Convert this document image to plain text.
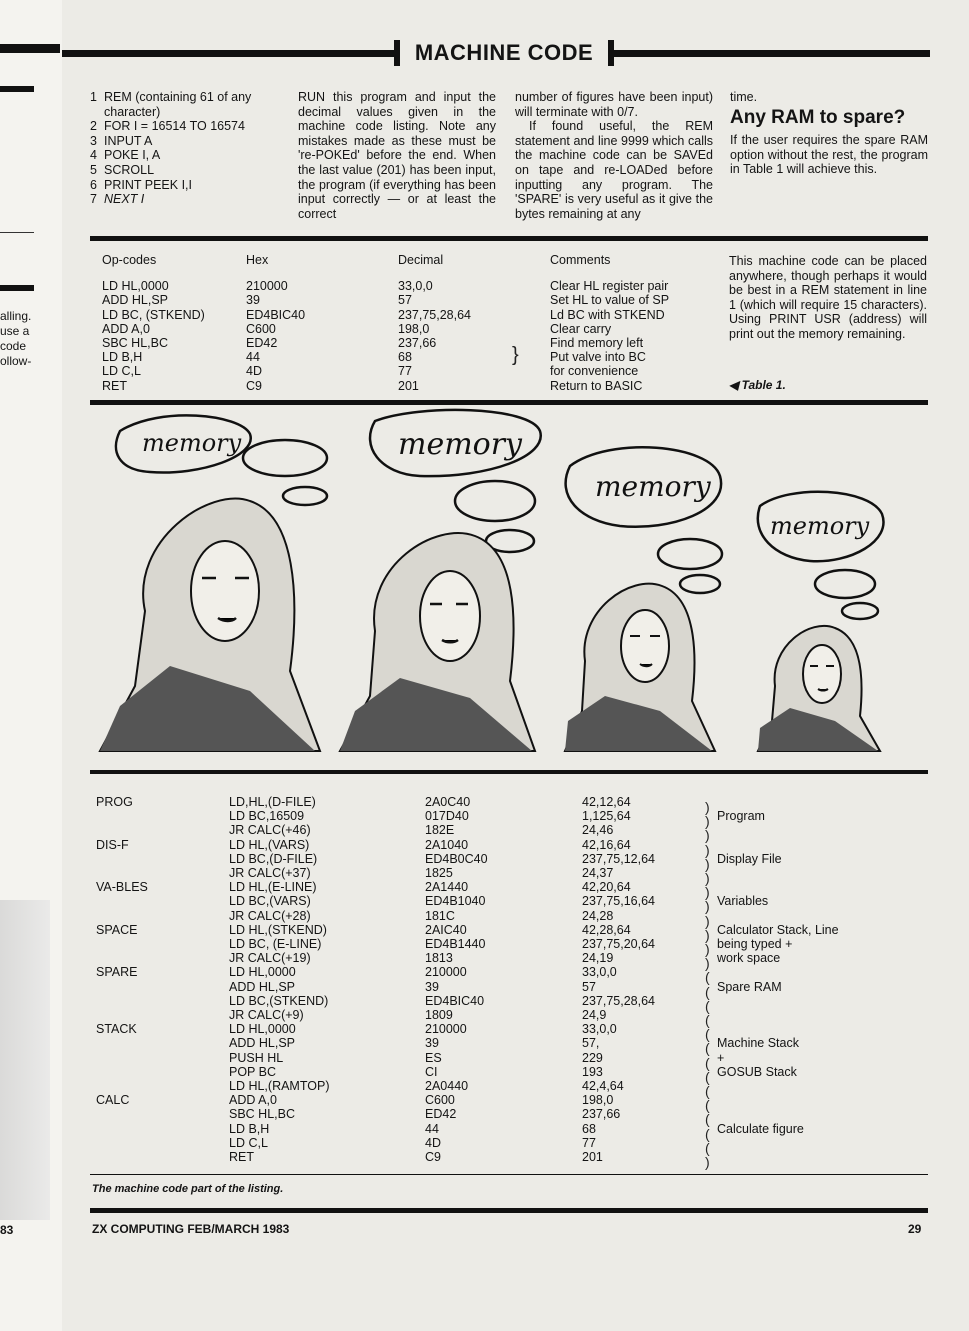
alling.
use a
code
ollow-
83
MACHINE CODE
1 REM (containing 61 of any character)
2 FOR I = 16514 TO 16574
3 INPUT A
4 POKE I, A
5 SCROLL
6 PRINT PEEK I,I
7 NEXT I

RUN this program and input the decimal values given in the machine code listing. Note any mistakes made as these must be 're-POKEd' before the end. When the last value (201) has been input, the program (if everything has been input correctly — or at least the correct

number of figures have been input) will terminate with 0/7.

If found useful, the REM statement and line 9999 which calls the machine code can be SAVEd on tape and re-LOADed before inputting any program. The 'SPARE' is very useful as it give the bytes remaining at any

time.

Any RAM to spare?

If the user requires the spare RAM option without the rest, the program in Table 1 will achieve this.

Op-codes	Hex	Decimal	Comments
LD HL,0000	210000	33,0,0	Clear HL register pair
ADD HL,SP	39	57	Set HL to value of SP
LD BC, (STKEND)	ED4BIC40	237,75,28,64	Ld BC with STKEND
ADD A,0	C600	198,0	Clear carry
SBC HL,BC	ED42	237,66	Find memory left
LD B,H	44	68	Put valve into BC
LD C,L	4D	77	for convenience
RET	C9	201	Return to BASIC
}

This machine code can be placed anywhere, though perhaps it would be best in a REM statement in line 1 (which will require 15 characters). Using PRINT USR (address) will print out the memory remaining.

◀ Table 1.
memory	memory
memory
memory
PROG	LD,HL,(D-FILE)	2A0C40	42,12,64	
	LD BC,16509	017D40	1,125,64	Program
	JR CALC(+46)	182E	24,46	
DIS-F	LD HL,(VARS)	2A1040	42,16,64	
	LD BC,(D-FILE)	ED4B0C40	237,75,12,64	Display File
	JR CALC(+37)	1825	24,37	
VA-BLES	LD HL,(E-LINE)	2A1440	42,20,64	
	LD BC,(VARS)	ED4B1040	237,75,16,64	Variables
	JR CALC(+28)	181C	24,28	
SPACE	LD HL,(STKEND)	2AIC40	42,28,64	Calculator Stack, Line
	LD BC, (E-LINE)	ED4B1440	237,75,20,64	being typed +
	JR CALC(+19)	1813	24,19	work space
SPARE	LD HL,0000	210000	33,0,0	
	ADD HL,SP	39	57	Spare RAM
	LD BC,(STKEND)	ED4BIC40	237,75,28,64	
	JR CALC(+9)	1809	24,9	
STACK	LD HL,0000	210000	33,0,0	
	ADD HL,SP	39	57,	Machine Stack
	PUSH HL	ES	229	+
	POP BC	CI	193	GOSUB Stack
	LD HL,(RAMTOP)	2A0440	42,4,64	
CALC	ADD A,0	C600	198,0	
	SBC HL,BC	ED42	237,66	
	LD B,H	44	68	Calculate figure
	LD C,L	4D	77	
	RET	C9	201	
)
)
)
)
)
)
)
)
)
)
)
)
(
(
(
(
(
(
(
(
(
(
(
(
(
)
The machine code part of the listing.
ZX COMPUTING FEB/MARCH 1983	29
